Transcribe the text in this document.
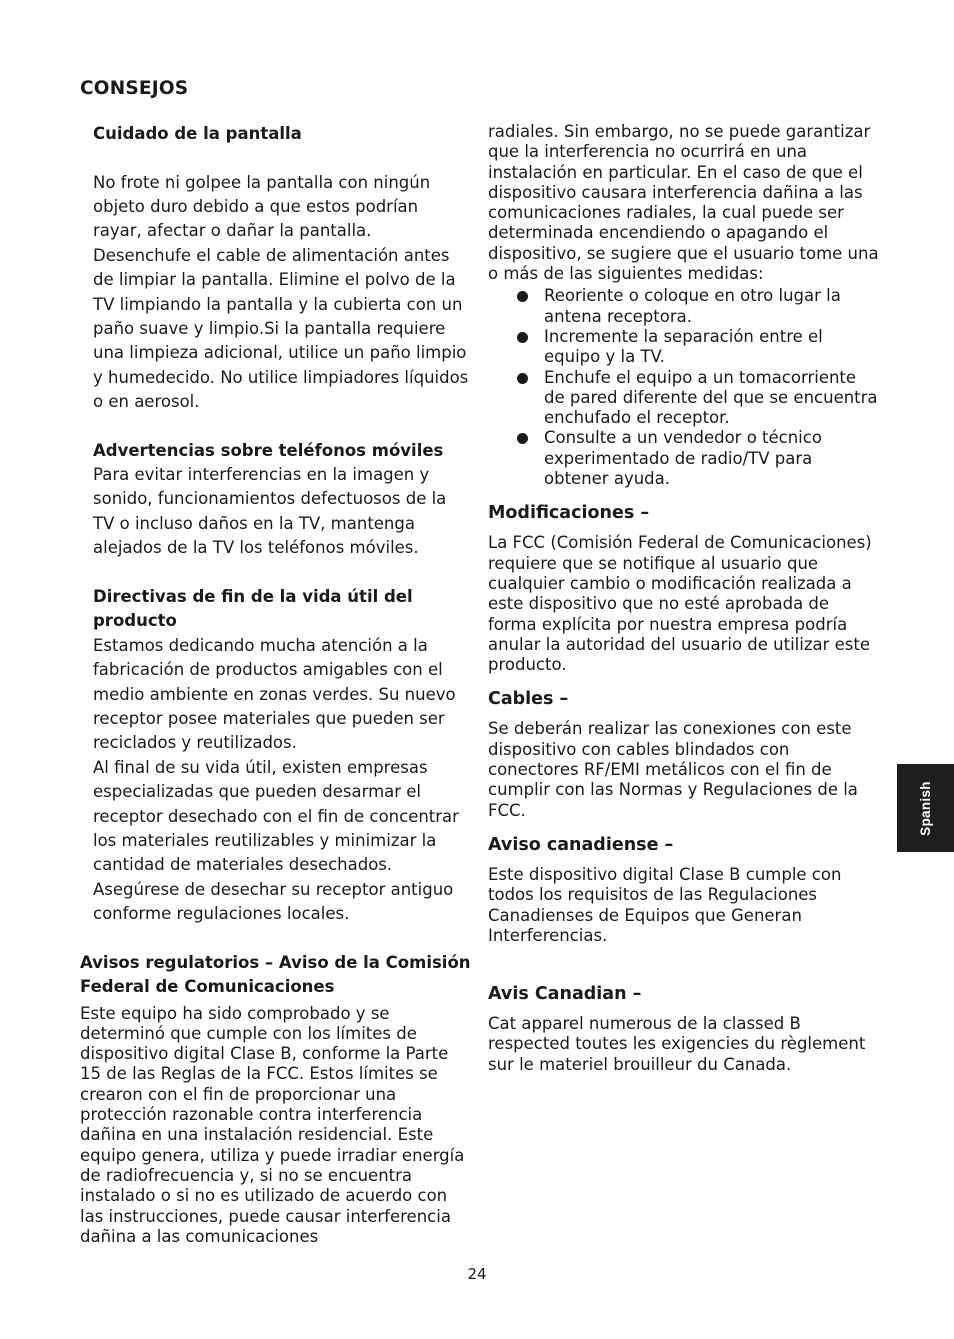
CONSEJOS
Cuidado de la pantalla

No frote ni golpee la pantalla con ningún objeto duro debido a que estos podrían rayar, afectar o dañar la pantalla.

Desenchufe el cable de alimentación antes de limpiar la pantalla. Elimine el polvo de la TV limpiando la pantalla y la cubierta con un paño suave y limpio.Si la pantalla requiere una limpieza adicional, utilice un paño limpio y humedecido. No utilice limpiadores líquidos o en aerosol.

Advertencias sobre teléfonos móviles

Para evitar interferencias en la imagen y sonido, funcionamientos defectuosos de la TV o incluso daños en la TV, mantenga alejados de la TV los teléfonos móviles.

Directivas de fin de la vida útil del producto

Estamos dedicando mucha atención a la fabricación de productos amigables con el medio ambiente en zonas verdes. Su nuevo receptor posee materiales que pueden ser reciclados y reutilizados.

Al final de su vida útil, existen empresas especializadas que pueden desarmar el receptor desechado con el fin de concentrar los materiales reutilizables y minimizar la cantidad de materiales desechados.

Asegúrese de desechar su receptor antiguo conforme regulaciones locales.

Avisos regulatorios – Aviso de la Comisión Federal de Comunicaciones

Este equipo ha sido comprobado y se determinó que cumple con los límites de dispositivo digital Clase B, conforme la Parte 15 de las Reglas de la FCC. Estos límites se crearon con el fin de proporcionar una protección razonable contra interferencia dañina en una instalación residencial. Este equipo genera, utiliza y puede irradiar energía de radiofrecuencia y, si no se encuentra instalado o si no es utilizado de acuerdo con las instrucciones, puede causar interferencia dañina a las comunicaciones

radiales. Sin embargo, no se puede garantizar que la interferencia no ocurrirá en una instalación en particular. En el caso de que el dispositivo causara interferencia dañina a las comunicaciones radiales, la cual puede ser determinada encendiendo o apagando el dispositivo, se sugiere que el usuario tome una o más de las siguientes medidas:

Reoriente o coloque en otro lugar la antena receptora.
Incremente la separación entre el equipo y la TV.
Enchufe el equipo a un tomacorriente de pared diferente del que se encuentra enchufado el receptor.
Consulte a un vendedor o técnico experimentado de radio/TV para obtener ayuda.
Modificaciones –

La FCC (Comisión Federal de Comunicaciones) requiere que se notifique al usuario que cualquier cambio o modificación realizada a este dispositivo que no esté aprobada de forma explícita por nuestra empresa podría anular la autoridad del usuario de utilizar este producto.

Cables –

Se deberán realizar las conexiones con este dispositivo con cables blindados con conectores RF/EMI metálicos con el fin de cumplir con las Normas y Regulaciones de la FCC.

Aviso canadiense –

Este dispositivo digital Clase B cumple con todos los requisitos de las Regulaciones Canadienses de Equipos que Generan Interferencias.

Avis Canadian –

Cat apparel numerous de la classed B respected toutes les exigencies du règlement sur le materiel brouilleur du Canada.

Spanish
24
